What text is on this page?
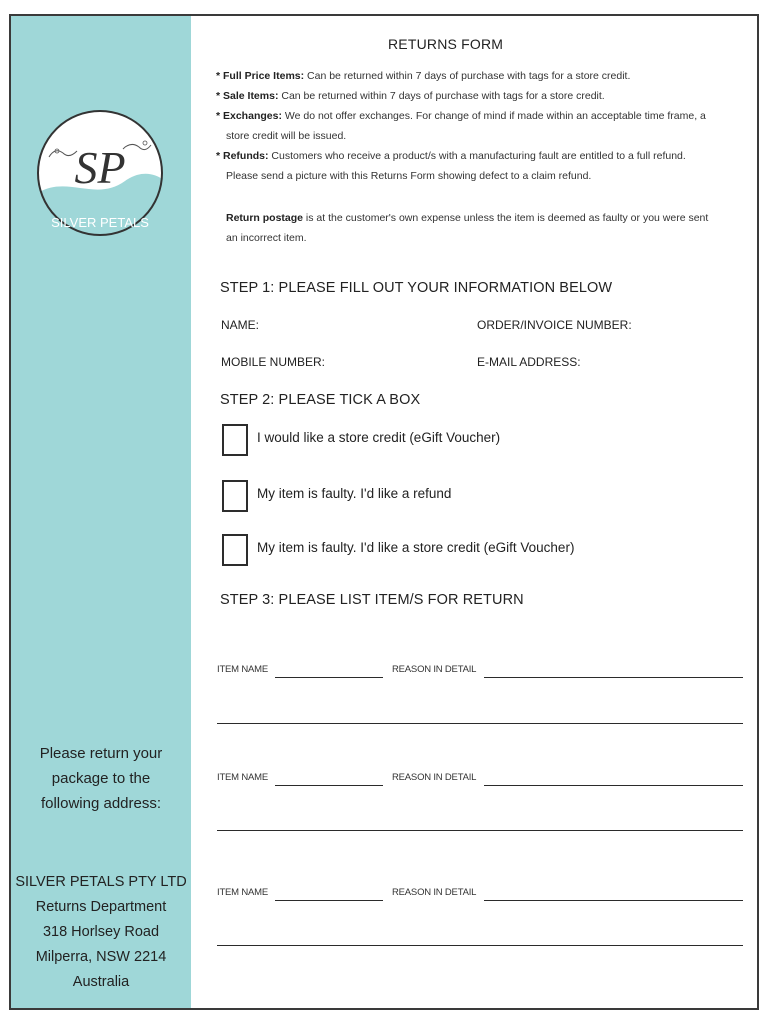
SP
SILVER PETALS
Please return your
package to the
following address:
SILVER PETALS PTY LTD
Returns Department
318 Horlsey Road
Milperra, NSW 2214
Australia
RETURNS FORM
* Full Price Items: Can be returned within 7 days of purchase with tags for a store credit.
* Sale Items: Can be returned within 7 days of purchase with tags for a store credit.
* Exchanges: We do not offer exchanges. For change of mind if made within an acceptable time frame, a
store credit will be issued.
* Refunds: Customers who receive a product/s with a manufacturing fault are entitled to a full refund.
Please send a picture with this Returns Form showing defect to a claim refund.
Return postage is at the customer's own expense unless the item is deemed as faulty or you were sent
an incorrect item.
STEP 1: PLEASE FILL OUT YOUR INFORMATION BELOW
NAME:	ORDER/INVOICE NUMBER:
MOBILE NUMBER:	E-MAIL ADDRESS:
STEP 2: PLEASE TICK A BOX
I would like a store credit (eGift Voucher)
My item is faulty. I'd like a refund
My item is faulty. I'd like a store credit (eGift Voucher)
STEP 3: PLEASE LIST ITEM/S FOR RETURN
ITEM NAME	REASON IN DETAIL
ITEM NAME	REASON IN DETAIL
ITEM NAME	REASON IN DETAIL
